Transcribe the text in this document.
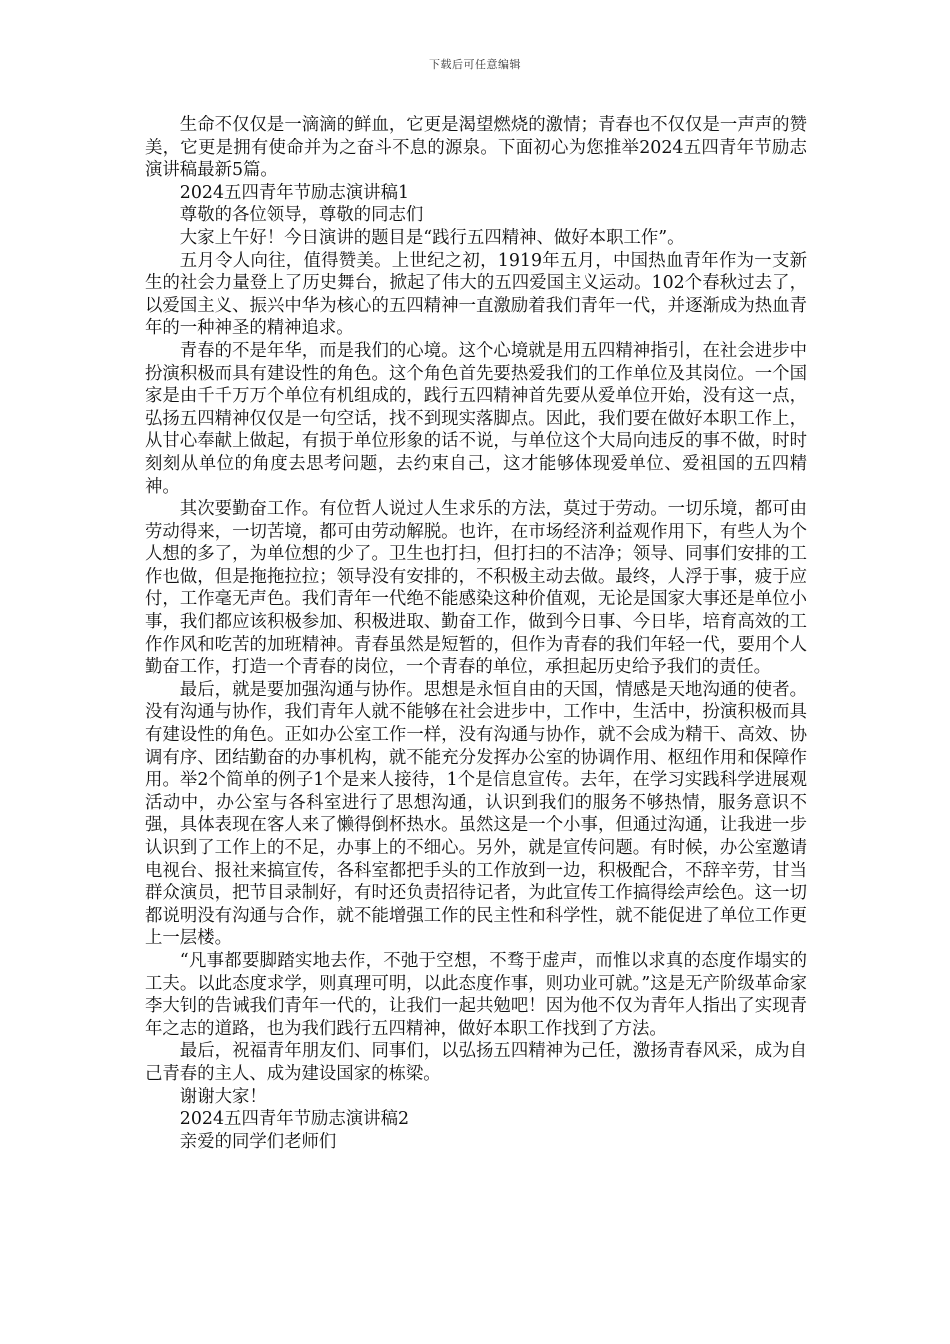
下载后可任意编辑

生命不仅仅是一滴滴的鲜血，它更是渴望燃烧的激情；青春也不仅仅是一声声的赞美，它更是拥有使命并为之奋斗不息的源泉。下面初心为您推举2024五四青年节励志演讲稿最新5篇。

2024五四青年节励志演讲稿1

尊敬的各位领导，尊敬的同志们

大家上午好！今日演讲的题目是“践行五四精神、做好本职工作”。

五月令人向往，值得赞美。上世纪之初，1919年五月，中国热血青年作为一支新生的社会力量登上了历史舞台，掀起了伟大的五四爱国主义运动。102个春秋过去了，以爱国主义、振兴中华为核心的五四精神一直激励着我们青年一代，并逐渐成为热血青年的一种神圣的精神追求。

青春的不是年华，而是我们的心境。这个心境就是用五四精神指引，在社会进步中扮演积极而具有建设性的角色。这个角色首先要热爱我们的工作单位及其岗位。一个国家是由千千万万个单位有机组成的，践行五四精神首先要从爱单位开始，没有这一点，弘扬五四精神仅仅是一句空话，找不到现实落脚点。因此，我们要在做好本职工作上，从甘心奉献上做起，有损于单位形象的话不说，与单位这个大局向违反的事不做，时时刻刻从单位的角度去思考问题，去约束自己，这才能够体现爱单位、爱祖国的五四精神。

其次要勤奋工作。有位哲人说过人生求乐的方法，莫过于劳动。一切乐境，都可由劳动得来，一切苦境，都可由劳动解脱。也许，在市场经济利益观作用下，有些人为个人想的多了，为单位想的少了。卫生也打扫，但打扫的不洁净；领导、同事们安排的工作也做，但是拖拖拉拉；领导没有安排的，不积极主动去做。最终，人浮于事，疲于应付，工作毫无声色。我们青年一代绝不能感染这种价值观，无论是国家大事还是单位小事，我们都应该积极参加、积极进取、勤奋工作，做到今日事、今日毕，培育高效的工作作风和吃苦的加班精神。青春虽然是短暂的，但作为青春的我们年轻一代，要用个人勤奋工作，打造一个青春的岗位，一个青春的单位，承担起历史给予我们的责任。

最后，就是要加强沟通与协作。思想是永恒自由的天国，情感是天地沟通的使者。没有沟通与协作，我们青年人就不能够在社会进步中，工作中，生活中，扮演积极而具有建设性的角色。正如办公室工作一样，没有沟通与协作，就不会成为精干、高效、协调有序、团结勤奋的办事机构，就不能充分发挥办公室的协调作用、枢纽作用和保障作用。举2个简单的例子1个是来人接待，1个是信息宣传。去年，在学习实践科学进展观活动中，办公室与各科室进行了思想沟通，认识到我们的服务不够热情，服务意识不强，具体表现在客人来了懒得倒杯热水。虽然这是一个小事，但通过沟通，让我进一步认识到了工作上的不足，办事上的不细心。另外，就是宣传问题。有时候，办公室邀请电视台、报社来搞宣传，各科室都把手头的工作放到一边，积极配合，不辞辛劳，甘当群众演员，把节目录制好，有时还负责招待记者，为此宣传工作搞得绘声绘色。这一切都说明没有沟通与合作，就不能增强工作的民主性和科学性，就不能促进了单位工作更上一层楼。

“凡事都要脚踏实地去作，不弛于空想，不骛于虚声，而惟以求真的态度作塌实的工夫。以此态度求学，则真理可明，以此态度作事，则功业可就。”这是无产阶级革命家李大钊的告诫我们青年一代的，让我们一起共勉吧！因为他不仅为青年人指出了实现青年之志的道路，也为我们践行五四精神，做好本职工作找到了方法。

最后，祝福青年朋友们、同事们，以弘扬五四精神为己任，激扬青春风采，成为自己青春的主人、成为建设国家的栋梁。

谢谢大家！

2024五四青年节励志演讲稿2

亲爱的同学们老师们
